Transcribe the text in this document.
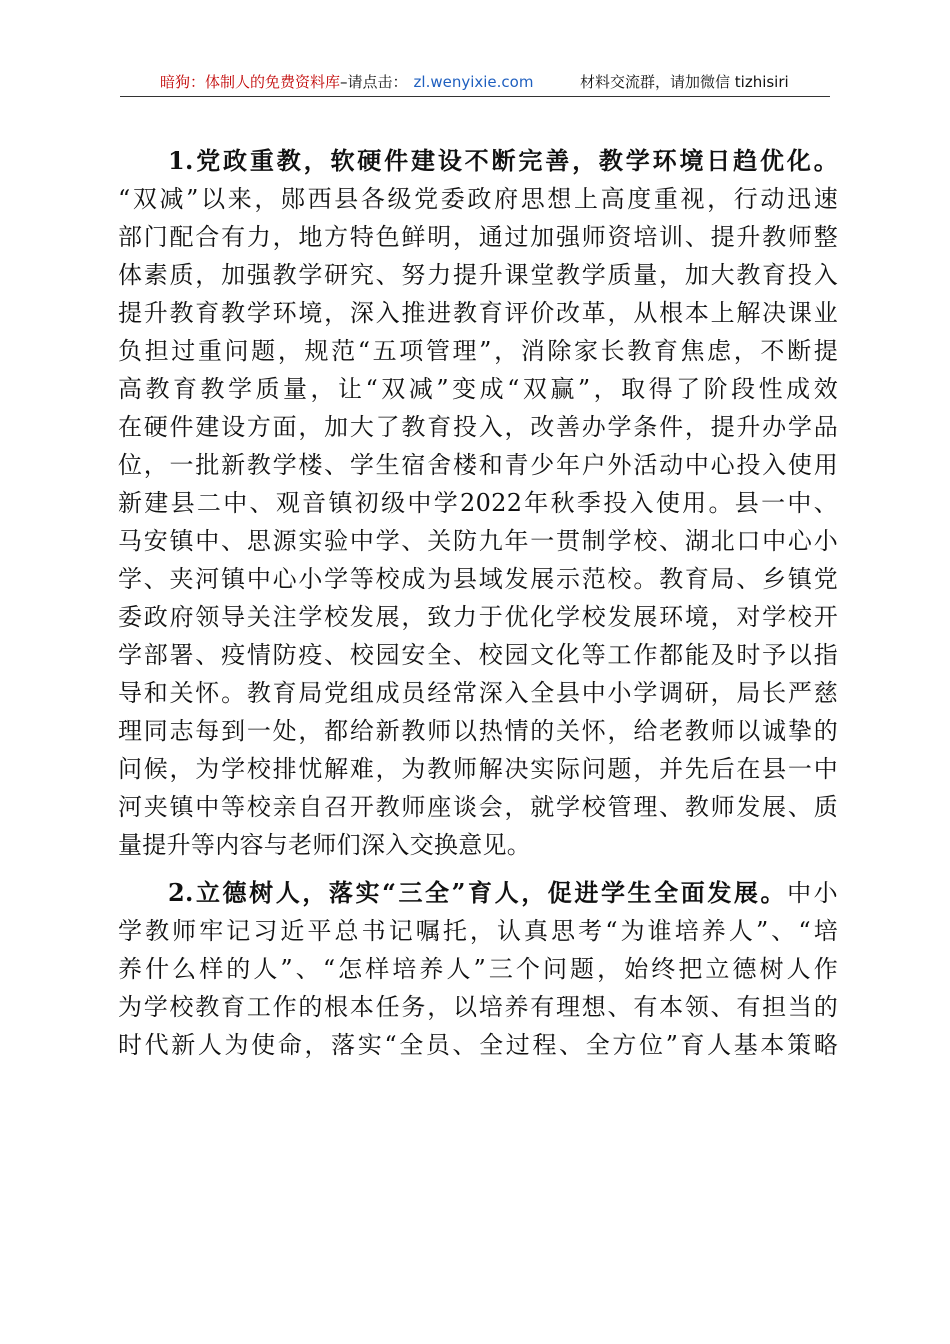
暗狗：体制人的免费资料库–请点击： zl.wenyixie.com	材料交流群，请加微信 tizhisiri
1.党政重教，软硬件建设不断完善，教学环境日趋优化。
“双减”以来，郧西县各级党委政府思想上高度重视，行动迅速
部门配合有力，地方特色鲜明，通过加强师资培训、提升教师整
体素质，加强教学研究、努力提升课堂教学质量，加大教育投入
提升教育教学环境，深入推进教育评价改革，从根本上解决课业
负担过重问题，规范“五项管理”，消除家长教育焦虑，不断提
高教育教学质量，让“双减”变成“双赢”，取得了阶段性成效
在硬件建设方面，加大了教育投入，改善办学条件，提升办学品
位，一批新教学楼、学生宿舍楼和青少年户外活动中心投入使用
新建县二中、观音镇初级中学2022年秋季投入使用。县一中、
马安镇中、思源实验中学、关防九年一贯制学校、湖北口中心小
学、夹河镇中心小学等校成为县域发展示范校。教育局、乡镇党
委政府领导关注学校发展，致力于优化学校发展环境，对学校开
学部署、疫情防疫、校园安全、校园文化等工作都能及时予以指
导和关怀。教育局党组成员经常深入全县中小学调研，局长严慈
理同志每到一处，都给新教师以热情的关怀，给老教师以诚挚的
问候，为学校排忧解难，为教师解决实际问题，并先后在县一中
河夹镇中等校亲自召开教师座谈会，就学校管理、教师发展、质
量提升等内容与老师们深入交换意见。
2.立德树人，落实“三全”育人，促进学生全面发展。中小
学教师牢记习近平总书记嘱托，认真思考“为谁培养人”、“培
养什么样的人”、“怎样培养人”三个问题，始终把立德树人作
为学校教育工作的根本任务，以培养有理想、有本领、有担当的
时代新人为使命，落实“全员、全过程、全方位”育人基本策略
